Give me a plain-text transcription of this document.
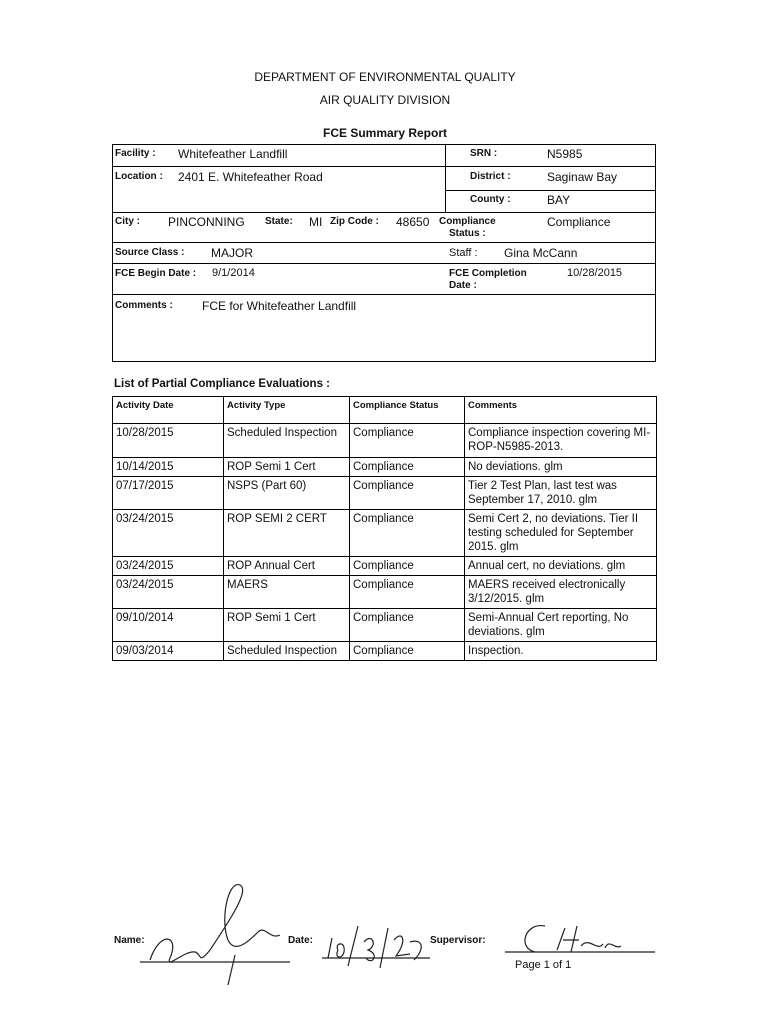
DEPARTMENT OF ENVIRONMENTAL QUALITY
AIR QUALITY DIVISION
FCE Summary Report
Facility : Whitefeather Landfill	SRN :	N5985
Location : 2401 E. Whitefeather Road	District :	Saginaw Bay
County :	BAY
City : PINCONNING State: MI Zip Code : 48650 Compliance
Status :
Compliance
Source Class : MAJOR	Staff : Gina McCann
FCE Begin Date : 9/1/2014	FCE Completion
Date :
10/28/2015
Comments : FCE for Whitefeather Landfill
List of Partial Compliance Evaluations :
Activity Date	Activity Type	Compliance Status	Comments
10/28/2015	Scheduled Inspection	Compliance	Compliance inspection covering MI-ROP-N5985-2013.
10/14/2015	ROP Semi 1 Cert	Compliance	No deviations. glm
07/17/2015	NSPS (Part 60)	Compliance	Tier 2 Test Plan, last test was September 17, 2010. glm
03/24/2015	ROP SEMI 2 CERT	Compliance	Semi Cert 2, no deviations. Tier II testing scheduled for September 2015. glm
03/24/2015	ROP Annual Cert	Compliance	Annual cert, no deviations. glm
03/24/2015	MAERS	Compliance	MAERS received electronically 3/12/2015. glm
09/10/2014	ROP Semi 1 Cert	Compliance	Semi-Annual Cert reporting, No deviations. glm
09/03/2014	Scheduled Inspection	Compliance	Inspection.
Name:	Date:	Supervisor:
Page 1 of 1
